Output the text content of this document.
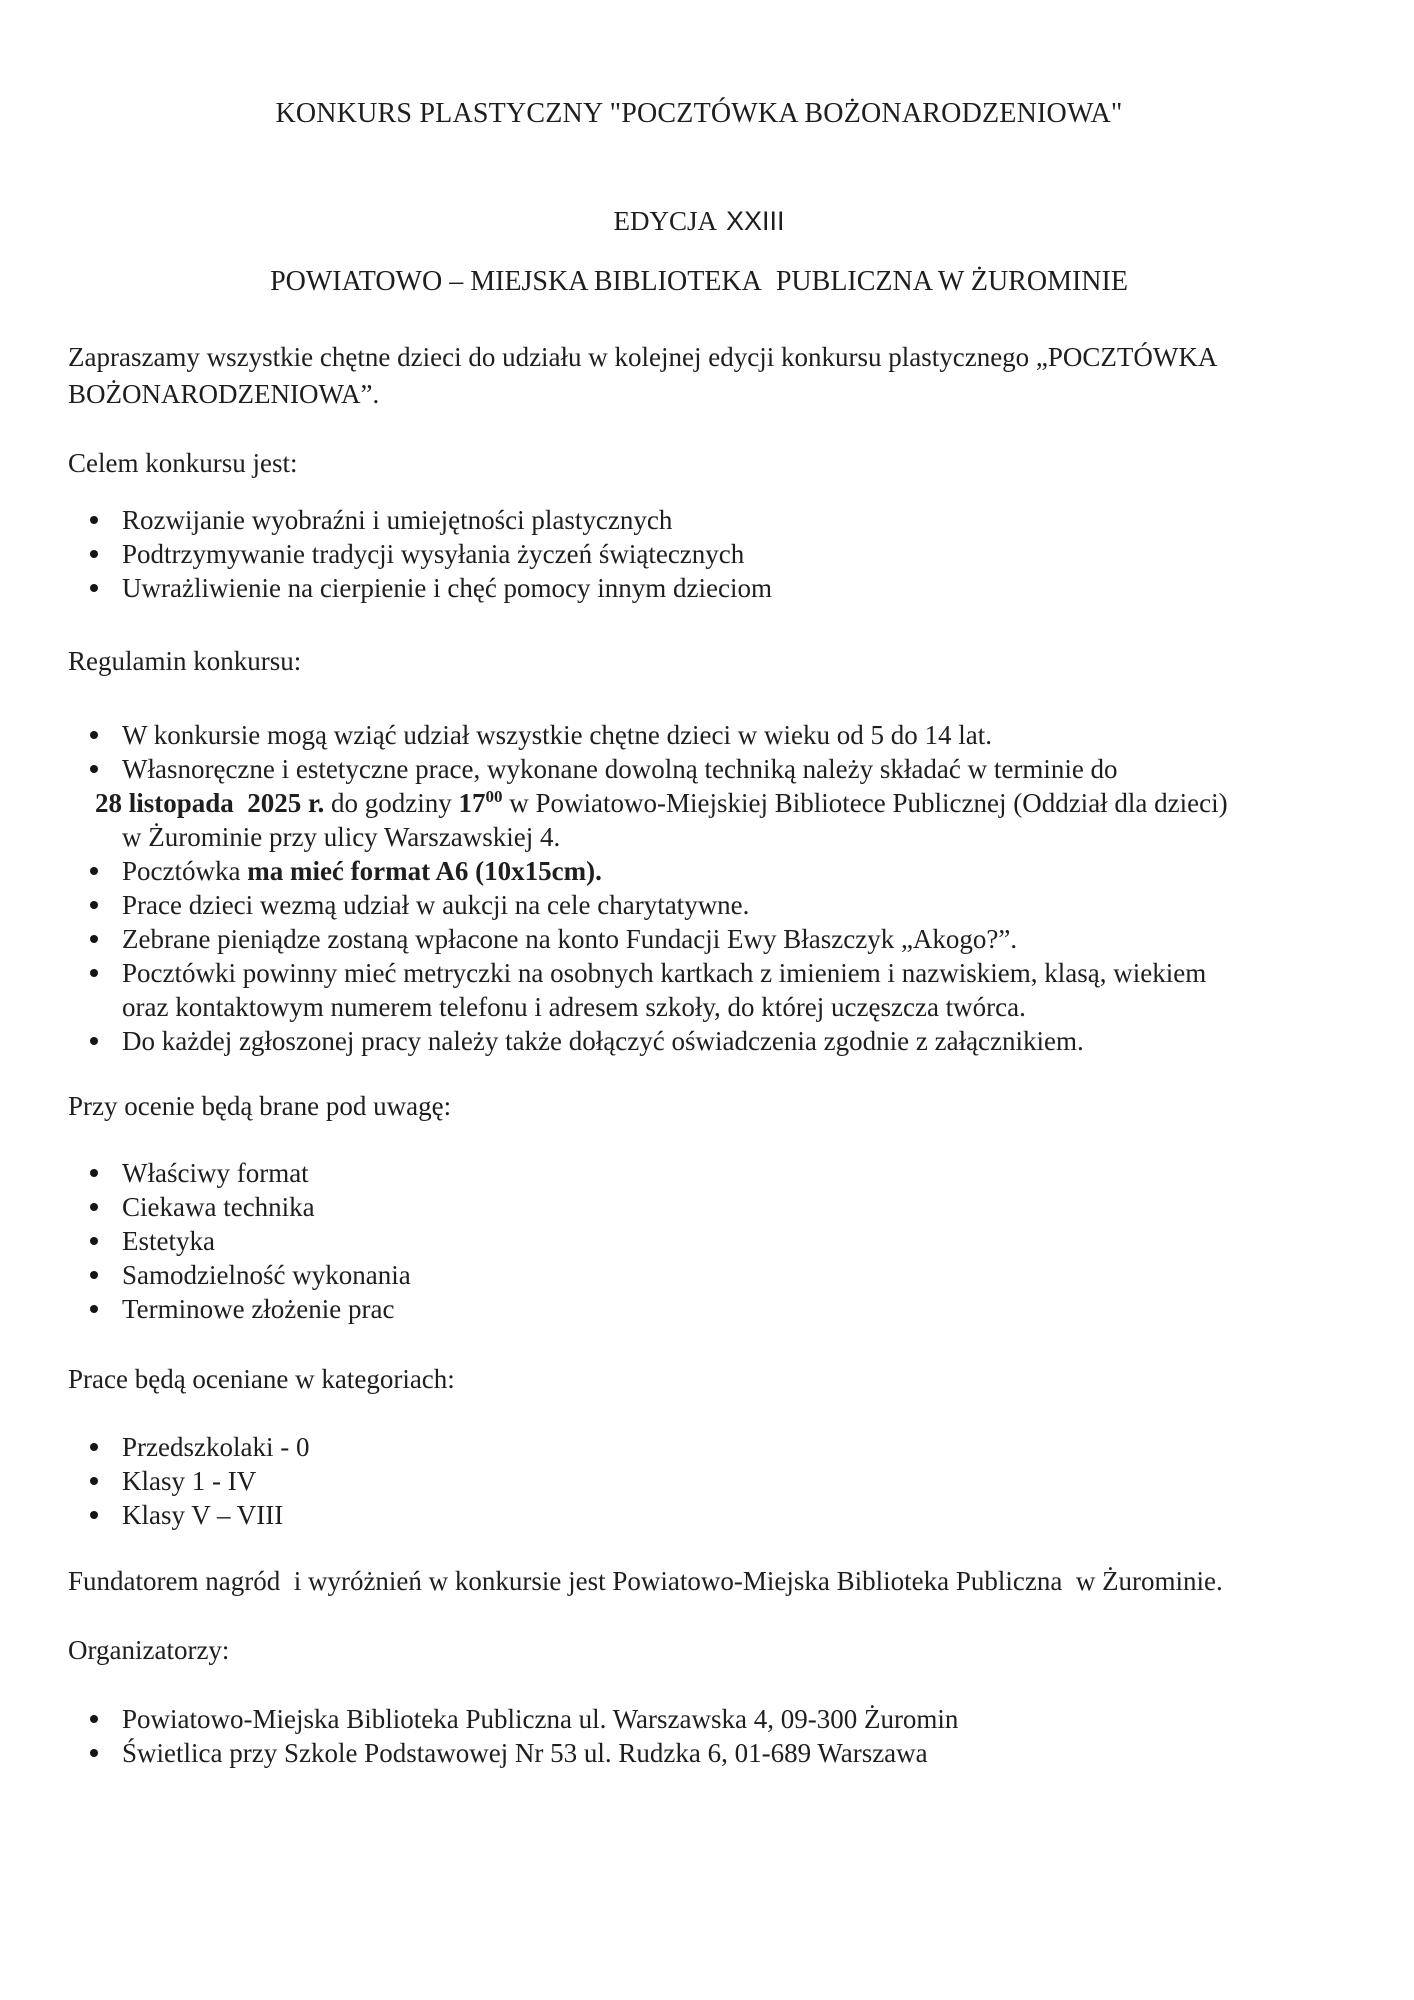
KONKURS PLASTYCZNY "POCZTÓWKA BOŻONARODZENIOWA"
EDYCJA XXIII
POWIATOWO – MIEJSKA BIBLIOTEKA  PUBLICZNA W ŻUROMINIE
Zapraszamy wszystkie chętne dzieci do udziału w kolejnej edycji konkursu plastycznego „POCZTÓWKA
BOŻONARODZENIOWA”.
Celem konkursu jest:
Rozwijanie wyobraźni i umiejętności plastycznych
Podtrzymywanie tradycji wysyłania życzeń świątecznych
Uwrażliwienie na cierpienie i chęć pomocy innym dzieciom
Regulamin konkursu:
W konkursie mogą wziąć udział wszystkie chętne dzieci w wieku od 5 do 14 lat.
Własnoręczne i estetyczne prace, wykonane dowolną techniką należy składać w terminie do
28 listopada  2025 r. do godziny $17^{00}$ w Powiatowo-Miejskiej Bibliotece Publicznej (Oddział dla dzieci)
w Żurominie przy ulicy Warszawskiej 4.
Pocztówka ma mieć format A6 (10x15cm).
Prace dzieci wezmą udział w aukcji na cele charytatywne.
Zebrane pieniądze zostaną wpłacone na konto Fundacji Ewy Błaszczyk „Akogo?”.
Pocztówki powinny mieć metryczki na osobnych kartkach z imieniem i nazwiskiem, klasą, wiekiem
oraz kontaktowym numerem telefonu i adresem szkoły, do której uczęszcza twórca.
Do każdej zgłoszonej pracy należy także dołączyć oświadczenia zgodnie z załącznikiem.
Przy ocenie będą brane pod uwagę:
Właściwy format
Ciekawa technika
Estetyka
Samodzielność wykonania
Terminowe złożenie prac
Prace będą oceniane w kategoriach:
Przedszkolaki - 0
Klasy 1 - IV
Klasy V – VIII
Fundatorem nagród  i wyróżnień w konkursie jest Powiatowo-Miejska Biblioteka Publiczna  w Żurominie.
Organizatorzy:
Powiatowo-Miejska Biblioteka Publiczna ul. Warszawska 4, 09-300 Żuromin
Świetlica przy Szkole Podstawowej Nr 53 ul. Rudzka 6, 01-689 Warszawa
